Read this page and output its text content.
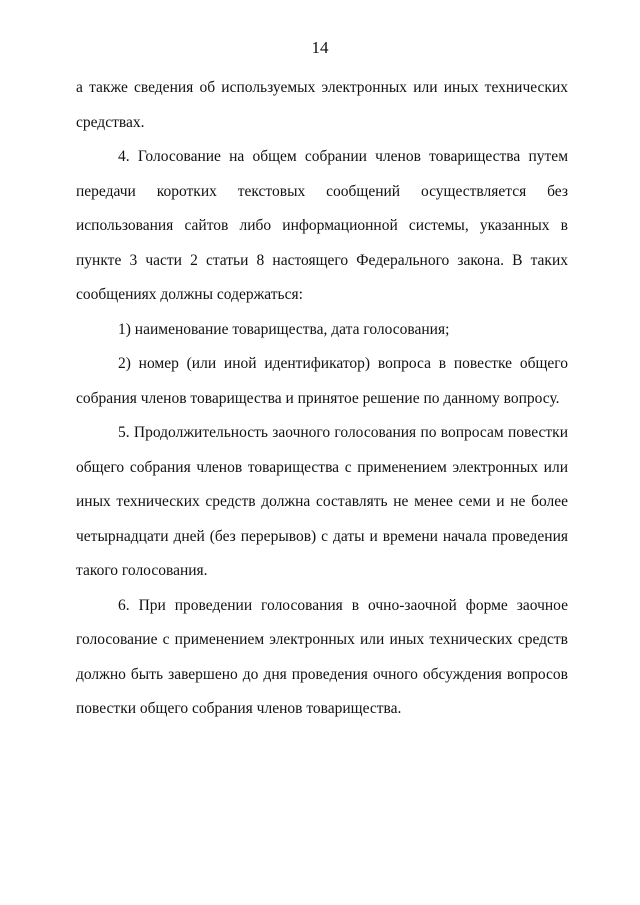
14

а также сведения об используемых электронных или иных технических средствах.

4. Голосование на общем собрании членов товарищества путем передачи коротких текстовых сообщений осуществляется без использования сайтов либо информационной системы, указанных в пункте 3 части 2 статьи 8 настоящего Федерального закона. В таких сообщениях должны содержаться:

1) наименование товарищества, дата голосования;

2) номер (или иной идентификатор) вопроса в повестке общего собрания членов товарищества и принятое решение по данному вопросу.

5. Продолжительность заочного голосования по вопросам повестки общего собрания членов товарищества с применением электронных или иных технических средств должна составлять не менее семи и не более четырнадцати дней (без перерывов) с даты и времени начала проведения такого голосования.

6. При проведении голосования в очно-заочной форме заочное голосование с применением электронных или иных технических средств должно быть завершено до дня проведения очного обсуждения вопросов повестки общего собрания членов товарищества.
